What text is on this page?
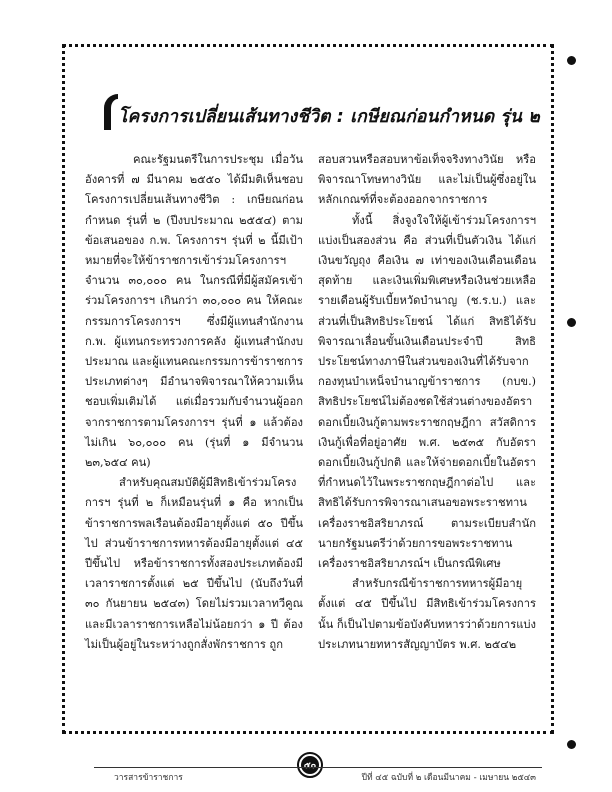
โครงการเปลี่ยนเส้นทางชีวิต : เกษียณก่อนกำหนด รุ่น ๒

คณะรัฐมนตรีในการประชุม เมื่อวันอังคารที่ ๗ มีนาคม ๒๕๕๐ ได้มีมติเห็นชอบโครงการเปลี่ยนเส้นทางชีวิต : เกษียณก่อนกำหนด รุ่นที่ ๒ (ปีงบประมาณ ๒๕๕๔) ตามข้อเสนอของ ก.พ. โครงการฯ รุ่นที่ ๒ นี้มีเป้าหมายที่จะให้ข้าราชการเข้าร่วมโครงการฯ จำนวน ๓๐,๐๐๐ คน ในกรณีที่มีผู้สมัครเข้าร่วมโครงการฯ เกินกว่า ๓๐,๐๐๐ คน ให้คณะกรรมการโครงการฯ ซึ่งมีผู้แทนสำนักงาน ก.พ. ผู้แทนกระทรวงการคลัง ผู้แทนสำนักงบประมาณ และผู้แทนคณะกรรมการข้าราชการประเภทต่างๆ มีอำนาจพิจารณาให้ความเห็นชอบเพิ่มเติมได้ แต่เมื่อรวมกับจำนวนผู้ออกจากราชการตามโครงการฯ รุ่นที่ ๑ แล้วต้องไม่เกิน ๖๐,๐๐๐ คน (รุ่นที่ ๑ มีจำนวน ๒๓,๖๕๔ คน)

สำหรับคุณสมบัติผู้มีสิทธิเข้าร่วมโครงการฯ รุ่นที่ ๒ ก็เหมือนรุ่นที่ ๑ คือ หากเป็นข้าราชการพลเรือนต้องมีอายุตั้งแต่ ๕๐ ปีขึ้นไป ส่วนข้าราชการทหารต้องมีอายุตั้งแต่ ๔๕ ปีขึ้นไป หรือข้าราชการทั้งสองประเภทต้องมีเวลาราชการตั้งแต่ ๒๕ ปีขึ้นไป (นับถึงวันที่ ๓๐ กันยายน ๒๕๔๓) โดยไม่รวมเวลาทวีคูณ และมีเวลาราชการเหลือไม่น้อยกว่า ๑ ปี ต้องไม่เป็นผู้อยู่ในระหว่างถูกสั่งพักราชการ ถูก

สอบสวนหรือสอบหาข้อเท็จจริงทางวินัย หรือพิจารณาโทษทางวินัย และไม่เป็นผู้ซึ่งอยู่ในหลักเกณฑ์ที่จะต้องออกจากราชการ

ทั้งนี้ สิ่งจูงใจให้ผู้เข้าร่วมโครงการฯ แบ่งเป็นสองส่วน คือ ส่วนที่เป็นตัวเงิน ได้แก่ เงินขวัญถุง คือเงิน ๗ เท่าของเงินเดือนเดือนสุดท้าย และเงินเพิ่มพิเศษหรือเงินช่วยเหลือรายเดือนผู้รับเบี้ยหวัดบำนาญ (ช.ร.บ.) และส่วนที่เป็นสิทธิประโยชน์ ได้แก่ สิทธิได้รับพิจารณาเลื่อนขั้นเงินเดือนประจำปี สิทธิประโยชน์ทางภาษีในส่วนของเงินที่ได้รับจากกองทุนบำเหน็จบำนาญข้าราชการ (กบข.) สิทธิประโยชน์ไม่ต้องชดใช้ส่วนต่างของอัตราดอกเบี้ยเงินกู้ตามพระราชกฤษฎีกา สวัสดิการเงินกู้เพื่อที่อยู่อาศัย พ.ศ. ๒๕๓๕ กับอัตราดอกเบี้ยเงินกู้ปกติ และให้จ่ายดอกเบี้ยในอัตราที่กำหนดไว้ในพระราชกฤษฎีกาต่อไป และสิทธิได้รับการพิจารณาเสนอขอพระราชทานเครื่องราชอิสริยาภรณ์ ตามระเบียบสำนักนายกรัฐมนตรีว่าด้วยการขอพระราชทานเครื่องราชอิสริยาภรณ์ฯ เป็นกรณีพิเศษ

สำหรับกรณีข้าราชการทหารผู้มีอายุตั้งแต่ ๔๕ ปีขึ้นไป มีสิทธิเข้าร่วมโครงการ นั้น ก็เป็นไปตามข้อบังคับทหารว่าด้วยการแบ่งประเภทนายทหารสัญญาบัตร พ.ศ. ๒๕๔๒

๕๐
วารสารข้าราชการ	ปีที่ ๔๕ ฉบับที่ ๒ เดือนมีนาคม - เมษายน ๒๕๔๓
